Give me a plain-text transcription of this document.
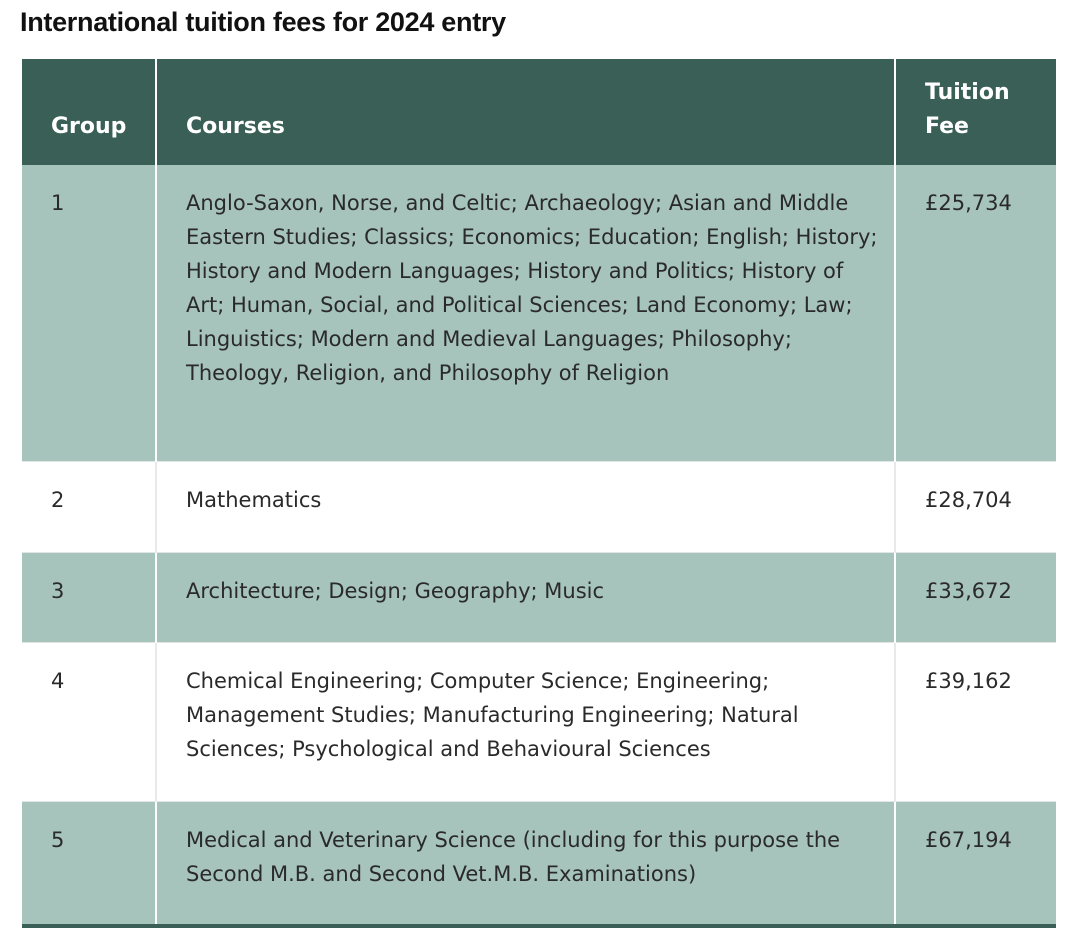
International tuition fees for 2024 entry
Group	Courses	Tuition Fee
1	Anglo-Saxon, Norse, and Celtic; Archaeology; Asian and Middle Eastern Studies; Classics; Economics; Education; English; History; History and Modern Languages; History and Politics; History of Art; Human, Social, and Political Sciences; Land Economy; Law; Linguistics; Modern and Medieval Languages; Philosophy; Theology, Religion, and Philosophy of Religion	£25,734
2	Mathematics	£28,704
3	Architecture; Design; Geography; Music	£33,672
4	Chemical Engineering; Computer Science; Engineering; Management Studies; Manufacturing Engineering; Natural Sciences; Psychological and Behavioural Sciences	£39,162
5	Medical and Veterinary Science (including for this purpose the Second M.B. and Second Vet.M.B. Examinations)	£67,194
